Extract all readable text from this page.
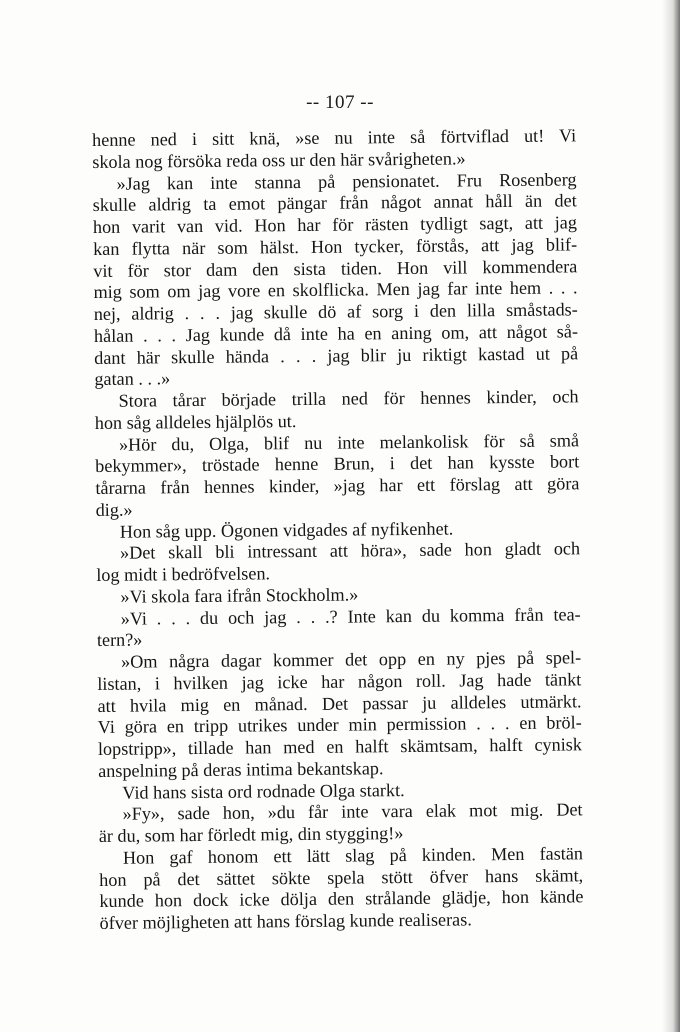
-- 107 --
henne ned i sitt knä, »se nu inte så förtviflad ut! Vi
skola nog försöka reda oss ur den här svårigheten.»
»Jag kan inte stanna på pensionatet. Fru Rosenberg
skulle aldrig ta emot pängar från något annat håll än det
hon varit van vid. Hon har för rästen tydligt sagt, att jag
kan flytta när som hälst. Hon tycker, förstås, att jag blif-
vit för stor dam den sista tiden. Hon vill kommendera
mig som om jag vore en skolflicka. Men jag far inte hem . . .
nej, aldrig . . . jag skulle dö af sorg i den lilla småstads-
hålan . . . Jag kunde då inte ha en aning om, att något så-
dant här skulle hända . . . jag blir ju riktigt kastad ut på
gatan . . .»
Stora tårar började trilla ned för hennes kinder, och
hon såg alldeles hjälplös ut.
»Hör du, Olga, blif nu inte melankolisk för så små
bekymmer», tröstade henne Brun, i det han kysste bort
tårarna från hennes kinder, »jag har ett förslag att göra
dig.»
Hon såg upp. Ögonen vidgades af nyfikenhet.
»Det skall bli intressant att höra», sade hon gladt och
log midt i bedröfvelsen.
»Vi skola fara ifrån Stockholm.»
»Vi . . . du och jag . . .? Inte kan du komma från tea-
tern?»
»Om några dagar kommer det opp en ny pjes på spel-
listan, i hvilken jag icke har någon roll. Jag hade tänkt
att hvila mig en månad. Det passar ju alldeles utmärkt.
Vi göra en tripp utrikes under min permission . . . en bröl-
lopstripp», tillade han med en halft skämtsam, halft cynisk
anspelning på deras intima bekantskap.
Vid hans sista ord rodnade Olga starkt.
»Fy», sade hon, »du får inte vara elak mot mig. Det
är du, som har förledt mig, din stygging!»
Hon gaf honom ett lätt slag på kinden. Men fastän
hon på det sättet sökte spela stött öfver hans skämt,
kunde hon dock icke dölja den strålande glädje, hon kände
öfver möjligheten att hans förslag kunde realiseras.
